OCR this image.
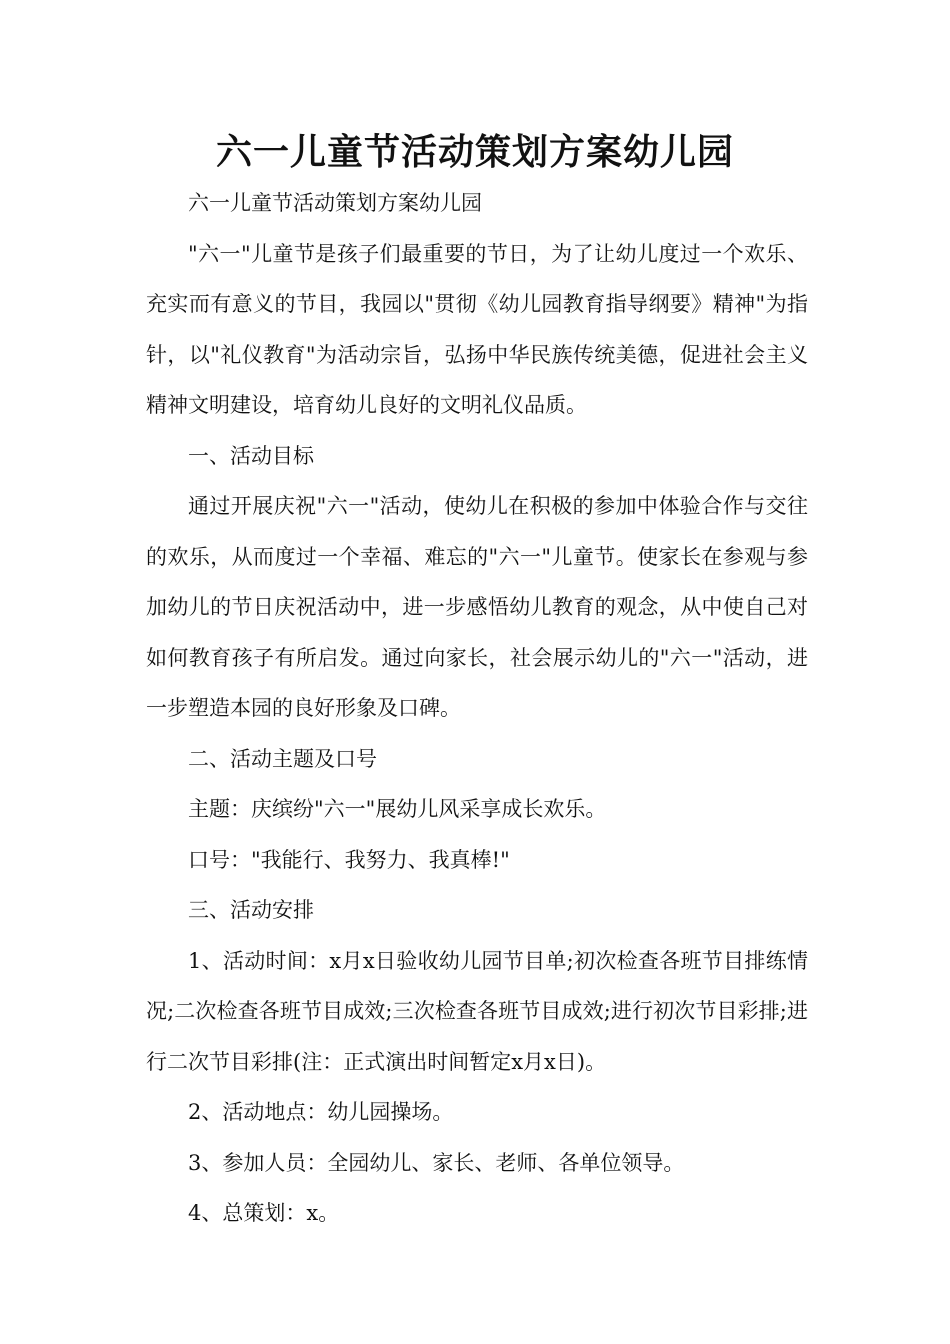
六一儿童节活动策划方案幼儿园

六一儿童节活动策划方案幼儿园

"六一"儿童节是孩子们最重要的节日，为了让幼儿度过一个欢乐、充实而有意义的节目，我园以"贯彻《幼儿园教育指导纲要》精神"为指针，以"礼仪教育"为活动宗旨，弘扬中华民族传统美德，促进社会主义精神文明建设，培育幼儿良好的文明礼仪品质。

一、活动目标

通过开展庆祝"六一"活动，使幼儿在积极的参加中体验合作与交往的欢乐，从而度过一个幸福、难忘的"六一"儿童节。使家长在参观与参加幼儿的节日庆祝活动中，进一步感悟幼儿教育的观念，从中使自己对如何教育孩子有所启发。通过向家长，社会展示幼儿的"六一"活动，进一步塑造本园的良好形象及口碑。

二、活动主题及口号

主题：庆缤纷"六一"展幼儿风采享成长欢乐。

口号："我能行、我努力、我真棒!"

三、活动安排

1、活动时间：x月x日验收幼儿园节目单;初次检查各班节目排练情况;二次检查各班节目成效;三次检查各班节目成效;进行初次节目彩排;进行二次节目彩排(注：正式演出时间暂定x月x日)。

2、活动地点：幼儿园操场。

3、参加人员：全园幼儿、家长、老师、各单位领导。

4、总策划：x。
